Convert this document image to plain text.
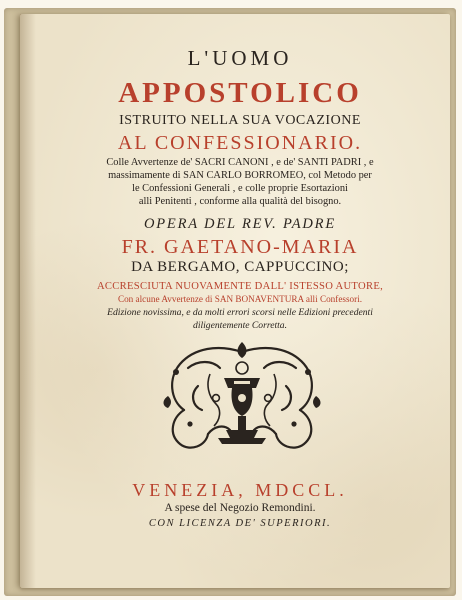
L'UOMO

APPOSTOLICO

ISTRUITO NELLA SUA VOCAZIONE

AL CONFESSIONARIO.

Colle Avvertenze de' SACRI CANONI , e de' SANTI PADRI , e

massimamente di SAN CARLO BORROMEO, col Metodo per

le Confessioni Generali , e colle proprie Esortazioni

alli Penitenti , conforme alla qualità del bisogno.

OPERA DEL REV. PADRE

FR. GAETANO-MARIA

DA BERGAMO, CAPPUCCINO;

ACCRESCIUTA NUOVAMENTE DALL' ISTESSO AUTORE,

Con alcune Avvertenze di SAN BONAVENTURA alli Confessori.

Edizione novissima, e da molti errori scorsi nelle Edizioni precedenti

diligentemente Corretta.

VENEZIA, MDCCL.

A spese del Negozio Remondini.

CON LICENZA DE' SUPERIORI.
